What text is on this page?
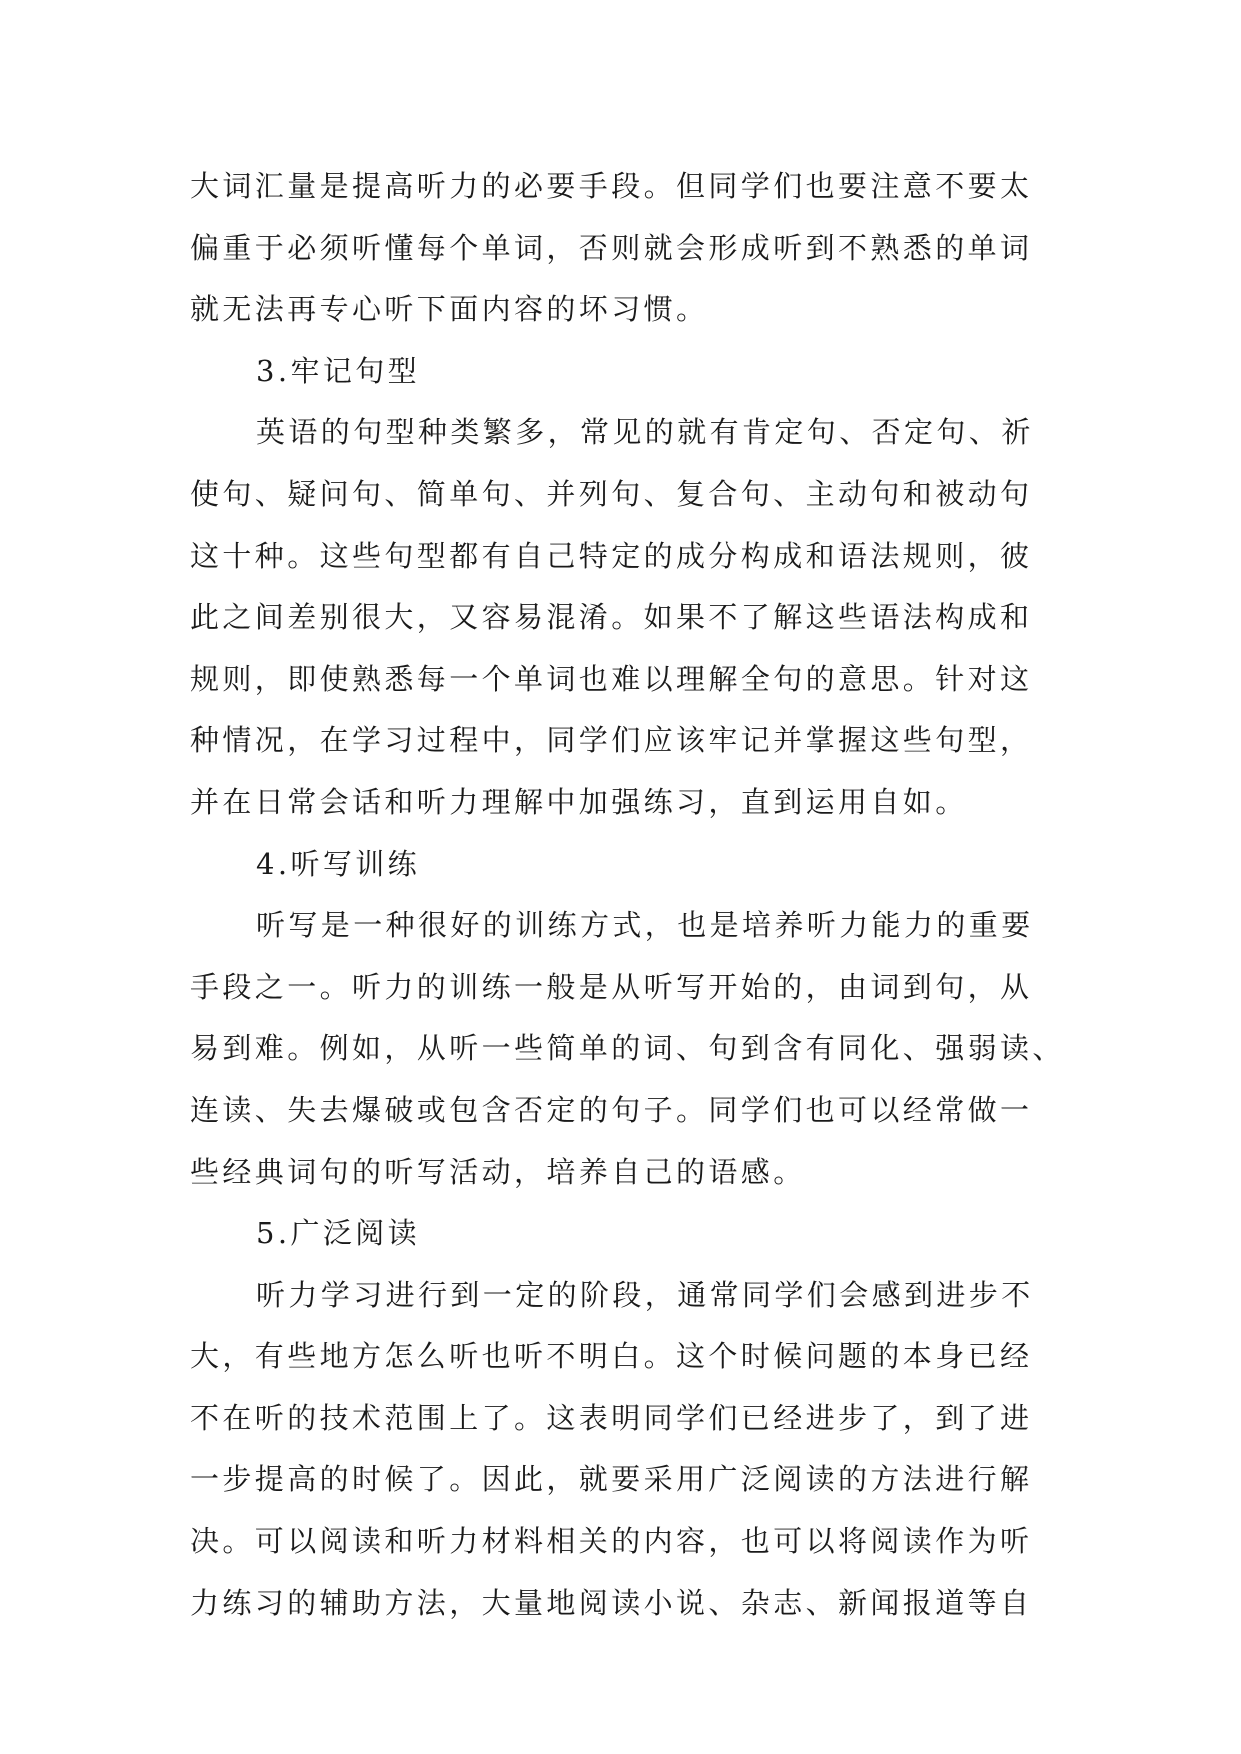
大词汇量是提高听力的必要手段。但同学们也要注意不要太
偏重于必须听懂每个单词，否则就会形成听到不熟悉的单词
就无法再专心听下面内容的坏习惯。
3.牢记句型
英语的句型种类繁多，常见的就有肯定句、否定句、祈
使句、疑问句、简单句、并列句、复合句、主动句和被动句
这十种。这些句型都有自己特定的成分构成和语法规则，彼
此之间差别很大，又容易混淆。如果不了解这些语法构成和
规则，即使熟悉每一个单词也难以理解全句的意思。针对这
种情况，在学习过程中，同学们应该牢记并掌握这些句型，
并在日常会话和听力理解中加强练习，直到运用自如。
4.听写训练
听写是一种很好的训练方式，也是培养听力能力的重要
手段之一。听力的训练一般是从听写开始的，由词到句，从
易到难。例如，从听一些简单的词、句到含有同化、强弱读、
连读、失去爆破或包含否定的句子。同学们也可以经常做一
些经典词句的听写活动，培养自己的语感。
5.广泛阅读
听力学习进行到一定的阶段，通常同学们会感到进步不
大，有些地方怎么听也听不明白。这个时候问题的本身已经
不在听的技术范围上了。这表明同学们已经进步了，到了进
一步提高的时候了。因此，就要采用广泛阅读的方法进行解
决。可以阅读和听力材料相关的内容，也可以将阅读作为听
力练习的辅助方法，大量地阅读小说、杂志、新闻报道等自
